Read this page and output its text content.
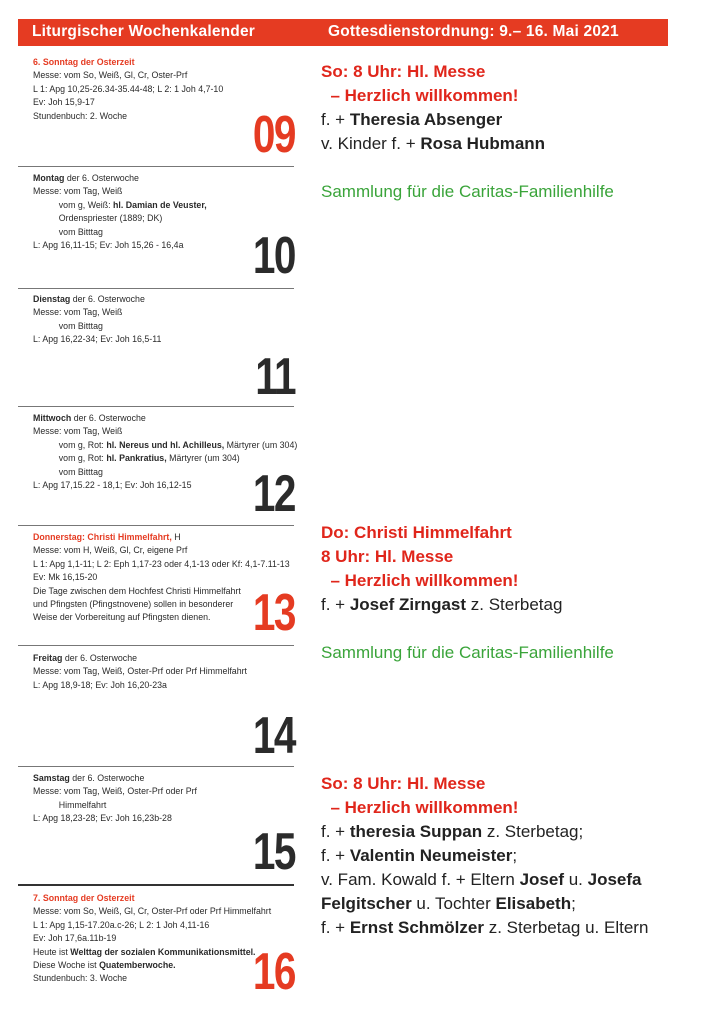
Liturgischer Wochenkalender	Gottesdienstordnung: 9.– 16. Mai 2021
6. Sonntag der Osterzeit
Messe: vom So, Weiß, Gl, Cr, Oster-Prf
L 1: Apg 10,25-26.34-35.44-48; L 2: 1 Joh 4,7-10
Ev: Joh 15,9-17
Stundenbuch: 2. Woche	09
Montag der 6. Osterwoche
Messe: vom Tag, Weiß
vom g, Weiß: hl. Damian de Veuster,
Ordenspriester (1889; DK)
vom Bitttag
L: Apg 16,11-15; Ev: Joh 15,26 - 16,4a	10
Dienstag der 6. Osterwoche
Messe: vom Tag, Weiß
vom Bitttag
L: Apg 16,22-34; Ev: Joh 16,5-11
11
Mittwoch der 6. Osterwoche
Messe: vom Tag, Weiß
vom g, Rot: hl. Nereus und hl. Achilleus, Märtyrer (um 304)
vom g, Rot: hl. Pankratius, Märtyrer (um 304)
vom Bitttag
L: Apg 17,15.22 - 18,1; Ev: Joh 16,12-15	12
Donnerstag: Christi Himmelfahrt, H
Messe: vom H, Weiß, Gl, Cr, eigene Prf
L 1: Apg 1,1-11; L 2: Eph 1,17-23 oder 4,1-13 oder Kf: 4,1-7.11-13
Ev: Mk 16,15-20
Die Tage zwischen dem Hochfest Christi Himmelfahrt
und Pfingsten (Pfingstnovene) sollen in besonderer
Weise der Vorbereitung auf Pfingsten dienen. 13
Freitag der 6. Osterwoche
Messe: vom Tag, Weiß, Oster-Prf oder Prf Himmelfahrt
L: Apg 18,9-18; Ev: Joh 16,20-23a
14
Samstag der 6. Osterwoche
Messe: vom Tag, Weiß, Oster-Prf oder Prf
Himmelfahrt
L: Apg 18,23-28; Ev: Joh 16,23b-28
15
7. Sonntag der Osterzeit
Messe: vom So, Weiß, Gl, Cr, Oster-Prf oder Prf Himmelfahrt
L 1: Apg 1,15-17.20a.c-26; L 2: 1 Joh 4,11-16
Ev: Joh 17,6a.11b-19
Heute ist Welttag der sozialen Kommunikationsmittel.
Diese Woche ist Quatemberwoche.
Stundenbuch: 3. Woche	16
So: 8 Uhr: Hl. Messe
– Herzlich willkommen!
f. + Theresia Absenger
v. Kinder f. + Rosa Hubmann
Sammlung für die Caritas-Familienhilfe
Do: Christi Himmelfahrt
8 Uhr: Hl. Messe
– Herzlich willkommen!
f. + Josef Zirngast z. Sterbetag
Sammlung für die Caritas-Familienhilfe
So: 8 Uhr: Hl. Messe
– Herzlich willkommen!
f. + theresia Suppan z. Sterbetag;
f. + Valentin Neumeister;
v. Fam. Kowald f. + Eltern Josef u. Josefa
Felgitscher u. Tochter Elisabeth;
f. + Ernst Schmölzer z. Sterbetag u. Eltern
